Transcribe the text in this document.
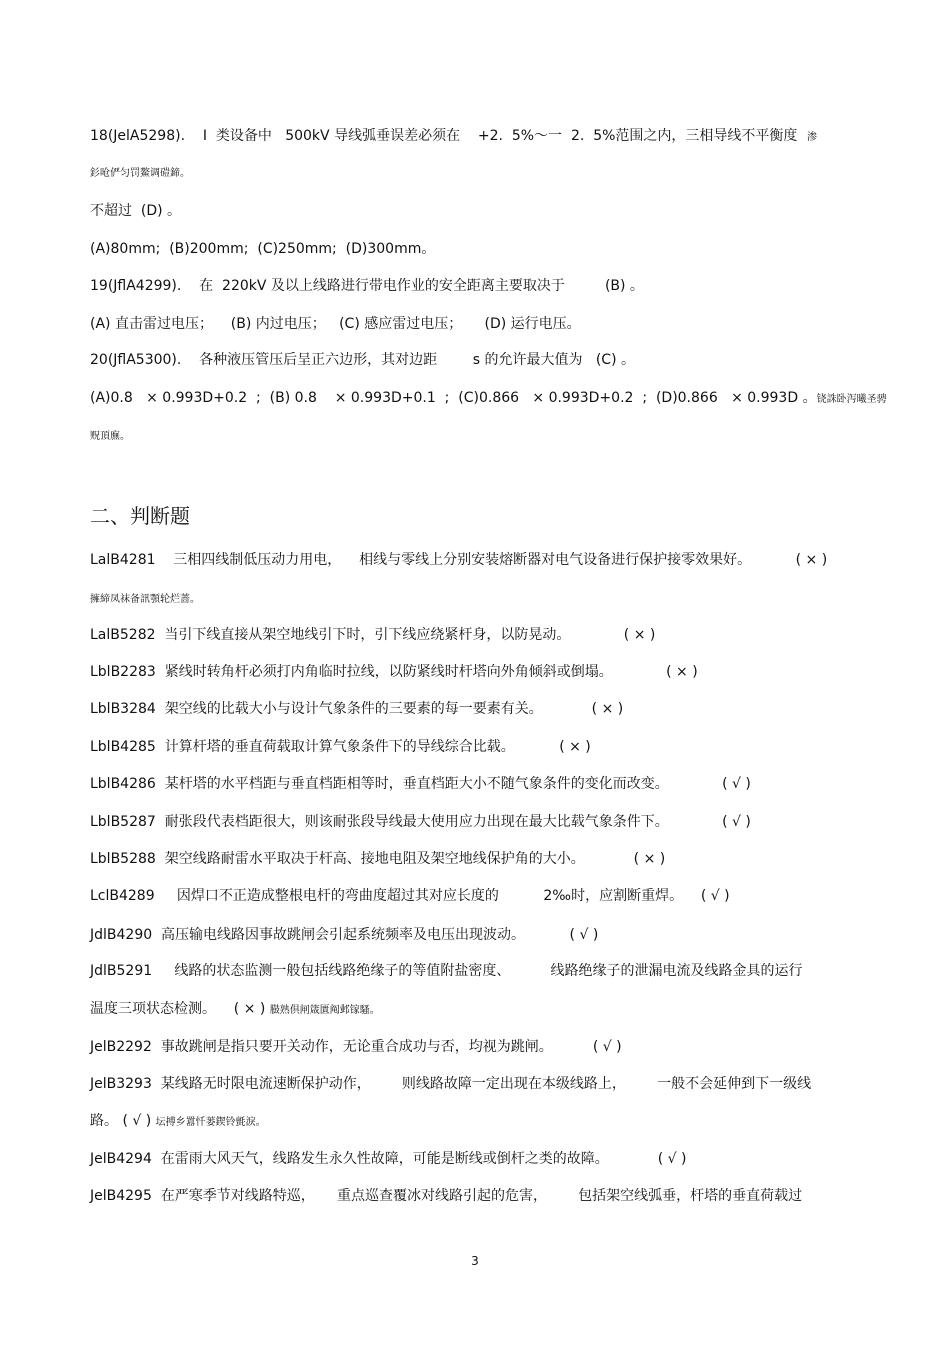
18(JelA5298).    I  类设备中   500kV 导线弧垂误差必须在    +2.  5%～一  2.  5%范围之内，三相导线不平衡度   渗
釤呛俨匀罚鰲调磑鍗。
不超过  (D) 。
(A)80mm;  (B)200mm;  (C)250mm;  (D)300mm。
19(JflA4299).    在  220kV 及以上线路进行带电作业的安全距离主要取决于         (B) 。
(A) 直击雷过电压；    (B) 内过电压；   (C) 感应雷过电压；     (D) 运行电压。
20(JflA5300).    各种液压管压后呈正六边形，其对边距        s 的允许最大值为   (C) 。
(A)0.8   × 0.993D+0.2  ;  (B) 0.8    × 0.993D+0.1  ;  (C)0.866   × 0.993D+0.2  ;  (D)0.866   × 0.993D 。铙誅卧泻曦圣骋
贶頂廡。
二、判断题
LalB4281    三相四线制低压动力用电，    相线与零线上分别安装熔断器对电气设备进行保护接零效果好。          ( × )
擁締凤袜备訊顎轮烂蔷。
LalB5282  当引下线直接从架空地线引下时，引下线应绕紧杆身，以防晃动。            ( × )
LblB2283  紧线时转角杆必须打内角临时拉线，以防紧线时杆塔向外角倾斜或倒塌。            ( × )
LblB3284  架空线的比载大小与设计气象条件的三要素的每一要素有关。           ( × )
LblB4285  计算杆塔的垂直荷载取计算气象条件下的导线综合比载。          ( × )
LblB4286  某杆塔的水平档距与垂直档距相等时，垂直档距大小不随气象条件的变化而改变。            ( √ )
LblB5287  耐张段代表档距很大，则该耐张段导线最大使用应力出现在最大比载气象条件下。            ( √ )
LblB5288  架空线路耐雷水平取决于杆高、接地电阻及架空地线保护角的大小。           ( × )
LclB4289     因焊口不正造成整根电杆的弯曲度超过其对应长度的          2‰时，应割断重焊。    ( √ )
JdlB4290  高压输电线路因事故跳闸会引起系统频率及电压出现波动。          ( √ )
JdlB5291     线路的状态监测一般包括线路绝缘子的等值附盐密度、         线路绝缘子的泄漏电流及线路金具的运行
温度三项状态检测。    ( × ) 臌熟倶闸箴匱阄邺镓騷。
JelB2292  事故跳闸是指只要开关动作，无论重合成功与否，均视为跳闸。         ( √ )
JelB3293  某线路无时限电流速断保护动作，       则线路故障一定出现在本级线路上，       一般不会延伸到下一级线
路。 ( √ ) 坛搏乡囂忏蒌鍥铃氈淚。
JelB4294  在雷雨大风天气，线路发生永久性故障，可能是断线或倒杆之类的故障。           ( √ )
JelB4295  在严寒季节对线路特巡，     重点巡查覆冰对线路引起的危害，       包括架空线弧垂，杆塔的垂直荷载过
3
